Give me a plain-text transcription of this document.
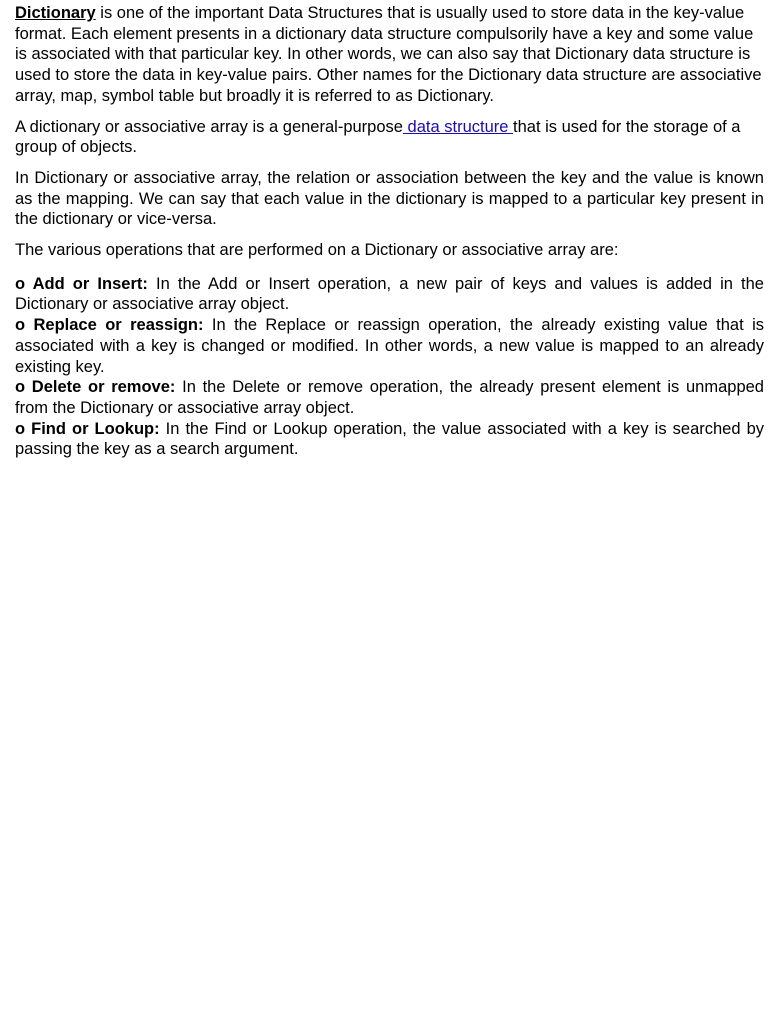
Dictionary is one of the important Data Structures that is usually used to store data in the key-value format. Each element presents in a dictionary data structure compulsorily have a key and some value is associated with that particular key. In other words, we can also say that Dictionary data structure is used to store the data in key-value pairs. Other names for the Dictionary data structure are associative array, map, symbol table but broadly it is referred to as Dictionary.

A dictionary or associative array is a general-purpose data structure that is used for the storage of a group of objects.

In Dictionary or associative array, the relation or association between the key and the value is known as the mapping. We can say that each value in the dictionary is mapped to a particular key present in the dictionary or vice-versa.

The various operations that are performed on a Dictionary or associative array are:

o Add or Insert: In the Add or Insert operation, a new pair of keys and values is added in the Dictionary or associative array object.

o Replace or reassign: In the Replace or reassign operation, the already existing value that is associated with a key is changed or modified. In other words, a new value is mapped to an already existing key.

o Delete or remove: In the Delete or remove operation, the already present element is unmapped from the Dictionary or associative array object.

o Find or Lookup: In the Find or Lookup operation, the value associated with a key is searched by passing the key as a search argument.
